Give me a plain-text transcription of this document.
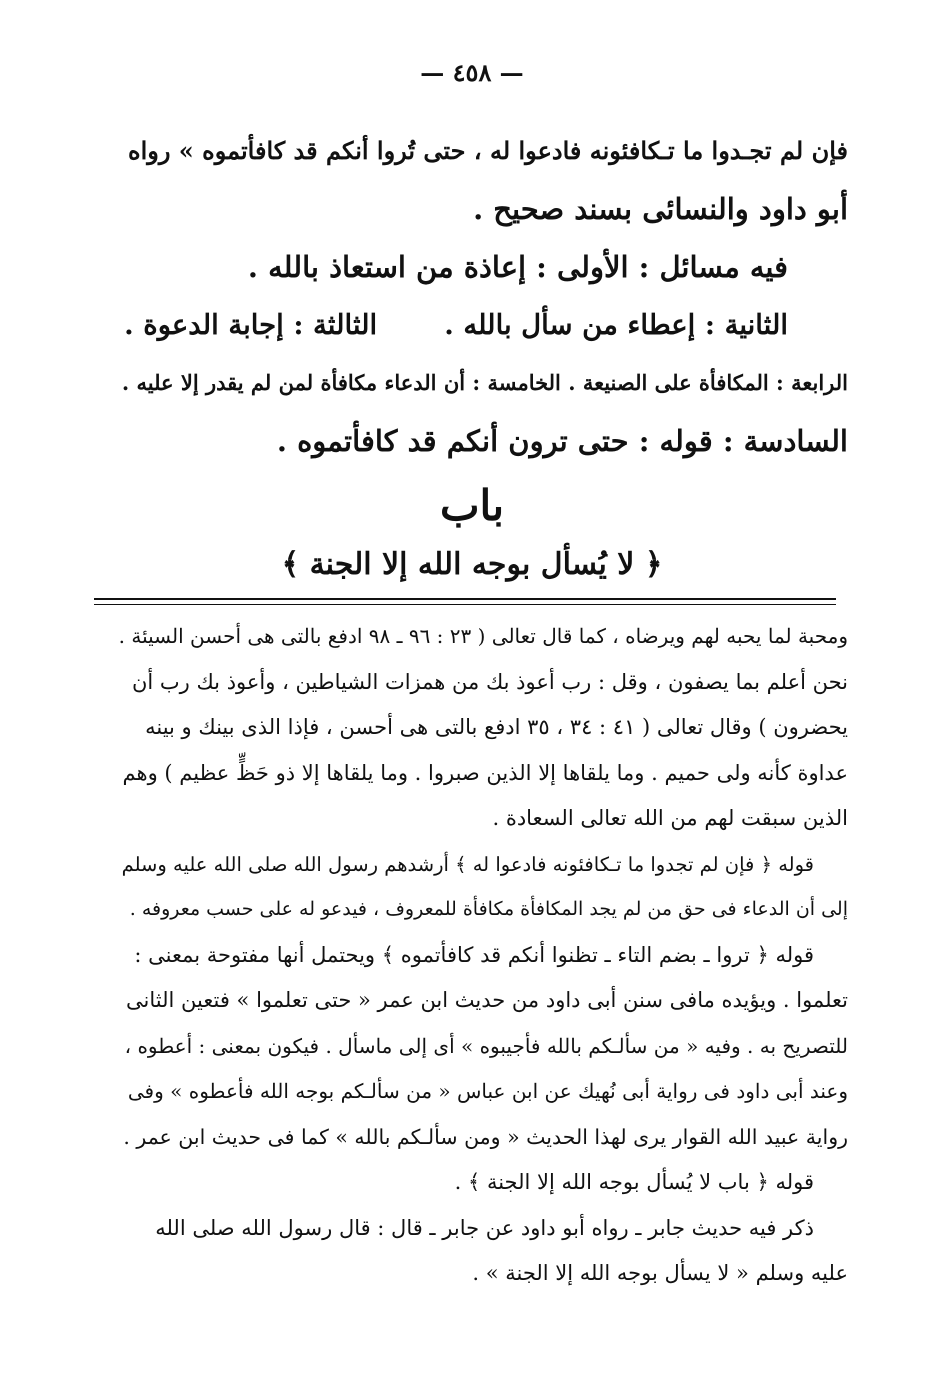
— ٤٥٨ —

فإن لم تجـدوا ما تـكافئونه فادعوا له ، حتى تُروا أنكم قد كافأتموه » رواه

أبو داود والنسائى بسند صحيح .

فيه مسائل : الأولى : إعاذة من استعاذ بالله .

الثانية : إعطاء من سأل بالله .       الثالثة : إجابة الدعوة .

الرابعة : المكافأة على الصنيعة . الخامسة : أن الدعاء مكافأة لمن لم يقدر إلا عليه .

السادسة : قوله : حتى ترون أنكم قد كافأتموه .

باب
﴿ لا يُسأل بوجه الله إلا الجنة ﴾

ومحبة لما يحبه لهم ويرضاه ، كما قال تعالى ( ٢٣ : ٩٦ ـ ٩٨ ادفع بالتى هى أحسن السيئة .

نحن أعلم بما يصفون ، وقل : رب أعوذ بك من همزات الشياطين ، وأعوذ بك رب أن

يحضرون ) وقال تعالى ( ٤١ : ٣٤ ، ٣٥ ادفع بالتى هى أحسن ، فإذا الذى بينك و بينه

عداوة كأنه ولى حميم . وما يلقاها إلا الذين صبروا . وما يلقاها إلا ذو حَظٍّ عظيم ) وهم

الذين سبقت لهم من الله تعالى السعادة .

قوله ﴿ فإن لم تجدوا ما تـكافئونه فادعوا له ﴾ أرشدهم رسول الله صلى الله عليه وسلم

إلى أن الدعاء فى حق من لم يجد المكافأة مكافأة للمعروف ، فيدعو له على حسب معروفه .

قوله ﴿ تروا ـ بضم التاء ـ تظنوا أنكم قد كافأتموه ﴾ ويحتمل أنها مفتوحة بمعنى :

تعلموا . ويؤيده مافى سنن أبى داود من حديث ابن عمر « حتى تعلموا » فتعين الثانى

للتصريح به . وفيه « من سألـكم بالله فأجيبوه » أى إلى ماسأل . فيكون بمعنى : أعطوه ،

وعند أبى داود فى رواية أبى نُهيك عن ابن عباس « من سألـكم بوجه الله فأعطوه » وفى

رواية عبيد الله القوار يرى لهذا الحديث « ومن سألـكم بالله » كما فى حديث ابن عمر .

قوله ﴿ باب لا يُسأل بوجه الله إلا الجنة ﴾ .

ذكر فيه حديث جابر ـ رواه أبو داود عن جابر ـ قال : قال رسول الله صلى الله

عليه وسلم « لا يسأل بوجه الله إلا الجنة » .
